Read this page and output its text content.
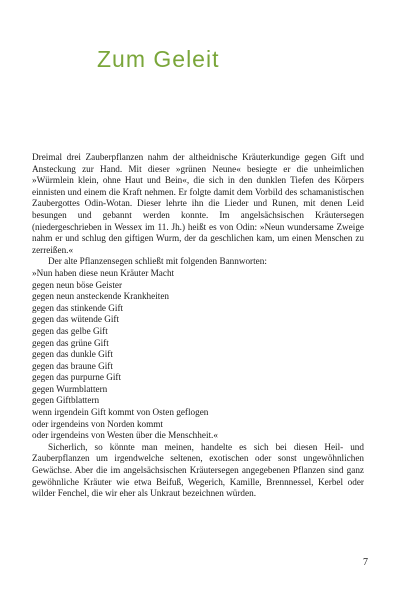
Zum Geleit

Dreimal drei Zauberpflanzen nahm der altheidnische Kräuterkundige gegen Gift und Ansteckung zur Hand. Mit dieser »grünen Neune« besiegte er die unheimlichen »Würmlein klein, ohne Haut und Bein«, die sich in den dunklen Tiefen des Körpers einnisten und einem die Kraft nehmen. Er folgte damit dem Vorbild des schamanistischen Zaubergottes Odin-Wotan. Dieser lehrte ihn die Lieder und Runen, mit denen Leid besungen und gebannt werden konnte. Im angelsächsischen Kräutersegen (niedergeschrieben in Wessex im 11. Jh.) heißt es von Odin: »Neun wundersame Zweige nahm er und schlug den giftigen Wurm, der da geschlichen kam, um einen Menschen zu zerreißen.«

Der alte Pflanzensegen schließt mit folgenden Bannworten:

»Nun haben diese neun Kräuter Macht
gegen neun böse Geister
gegen neun ansteckende Krankheiten
gegen das stinkende Gift
gegen das wütende Gift
gegen das gelbe Gift
gegen das grüne Gift
gegen das dunkle Gift
gegen das braune Gift
gegen das purpurne Gift
gegen Wurmblattern
gegen Giftblattern
wenn irgendein Gift kommt von Osten geflogen
oder irgendeins von Norden kommt
oder irgendeins von Westen über die Menschheit.«

Sicherlich, so könnte man meinen, handelte es sich bei diesen Heil- und Zauberpflanzen um irgendwelche seltenen, exotischen oder sonst ungewöhnlichen Gewächse. Aber die im angelsächsischen Kräutersegen angegebenen Pflanzen sind ganz gewöhnliche Kräuter wie etwa Beifuß, Wegerich, Kamille, Brennnessel, Kerbel oder wilder Fenchel, die wir eher als Unkraut bezeichnen würden.

7
